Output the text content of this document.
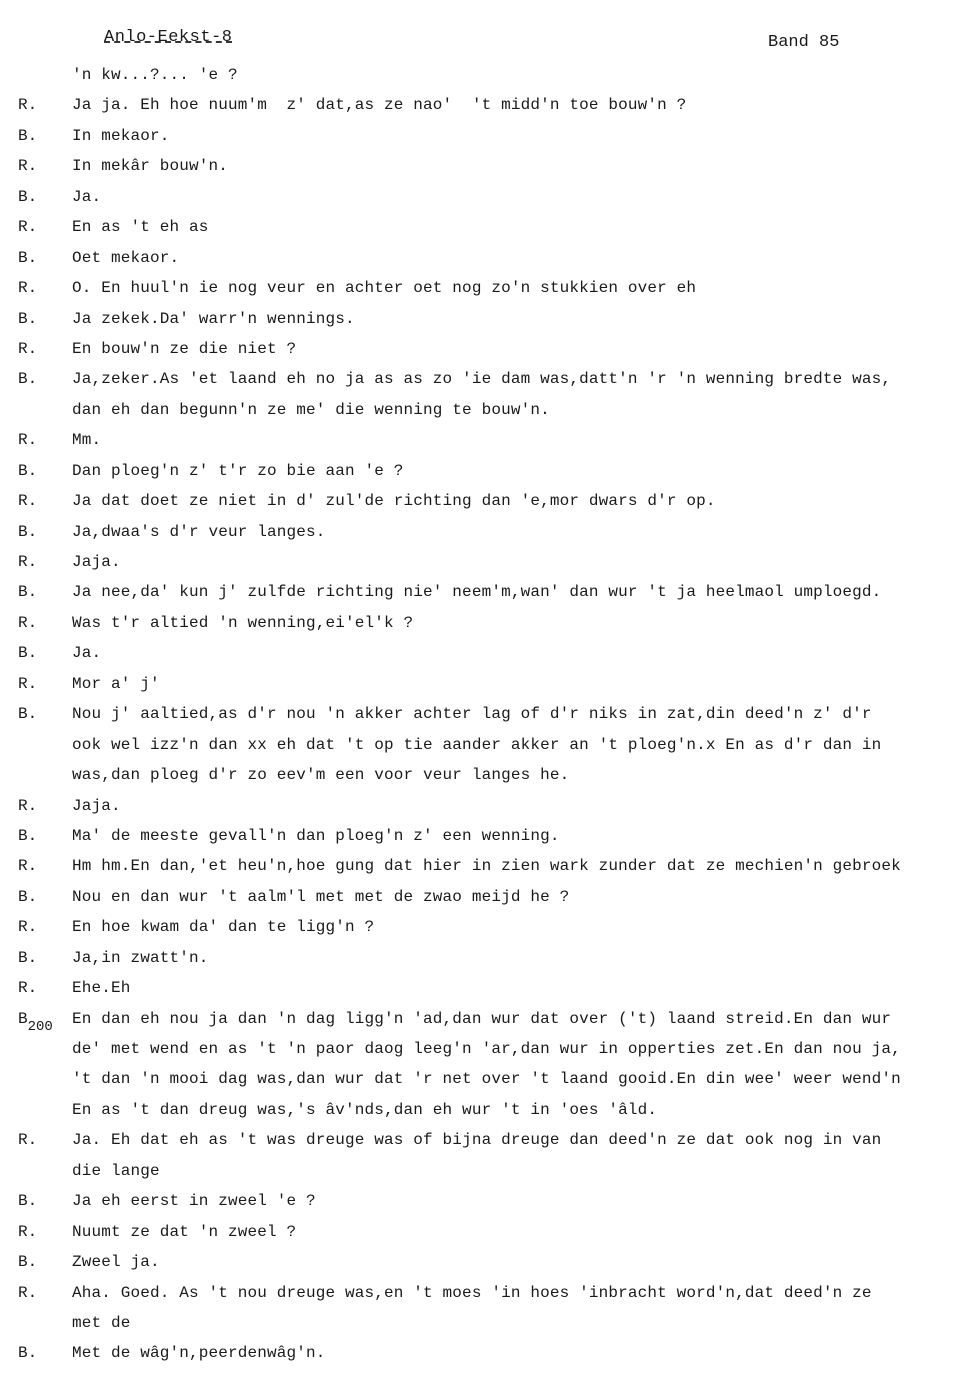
Anlo-Eekst-8	Band 85
'n kw...?... 'e ?
R.	Ja ja. Eh hoe nuum'm  z' dat,as ze nao'  't midd'n toe bouw'n ?
B.	In mekaor.
R.	In mekâr bouw'n.
B.	Ja.
R.	En as 't eh as
B.	Oet mekaor.
R.	O. En huul'n ie nog veur en achter oet nog zo'n stukkien over eh
B.	Ja zekek.Da' warr'n wennings.
R.	En bouw'n ze die niet ?
B.	Ja,zeker.As 'et laand eh no ja as as zo 'ie dam was,datt'n 'r 'n wenning bredte was,
dan eh dan begunn'n ze me' die wenning te bouw'n.
R.	Mm.
B.	Dan ploeg'n z' t'r zo bie aan 'e ?
R.	Ja dat doet ze niet in d' zul'de richting dan 'e,mor dwars d'r op.
B.	Ja,dwaa's d'r veur langes.
R.	Jaja.
B.	Ja nee,da' kun j' zulfde richting nie' neem'm,wan' dan wur 't ja heelmaol umploegd.
R.	Was t'r altied 'n wenning,ei'el'k ?
B.	Ja.
R.	Mor a' j'
B.	Nou j' aaltied,as d'r nou 'n akker achter lag of d'r niks in zat,din deed'n z' d'r
ook wel izz'n dan xx eh dat 't op tie aander akker an 't ploeg'n.x En as d'r dan in
was,dan ploeg d'r zo eev'm een voor veur langes he.
R.	Jaja.
B.	Ma' de meeste gevall'n dan ploeg'n z' een wenning.
R.	Hm hm.En dan,'et heu'n,hoe gung dat hier in zien wark zunder dat ze mechien'n gebroek
B.	Nou en dan wur 't aalm'l met met de zwao meijd he ?
R.	En hoe kwam da' dan te ligg'n ?
B.	Ja,in zwatt'n.
R.	Ehe.Eh
$B_{200}$	En dan eh nou ja dan 'n dag ligg'n 'ad,dan wur dat over ('t) laand streid.En dan wur
de' met wend en as 't 'n paor daog leeg'n 'ar,dan wur in opperties zet.En dan nou ja,
't dan 'n mooi dag was,dan wur dat 'r net over 't laand gooid.En din wee' weer wend'n
En as 't dan dreug was,'s âv'nds,dan eh wur 't in 'oes 'âld.
R.	Ja. Eh dat eh as 't was dreuge was of bijna dreuge dan deed'n ze dat ook nog in van
die lange
B.	Ja eh eerst in zweel 'e ?
R.	Nuumt ze dat 'n zweel ?
B.	Zweel ja.
R.	Aha. Goed. As 't nou dreuge was,en 't moes 'in hoes 'inbracht word'n,dat deed'n ze
met de
B.	Met de wâg'n,peerdenwâg'n.
